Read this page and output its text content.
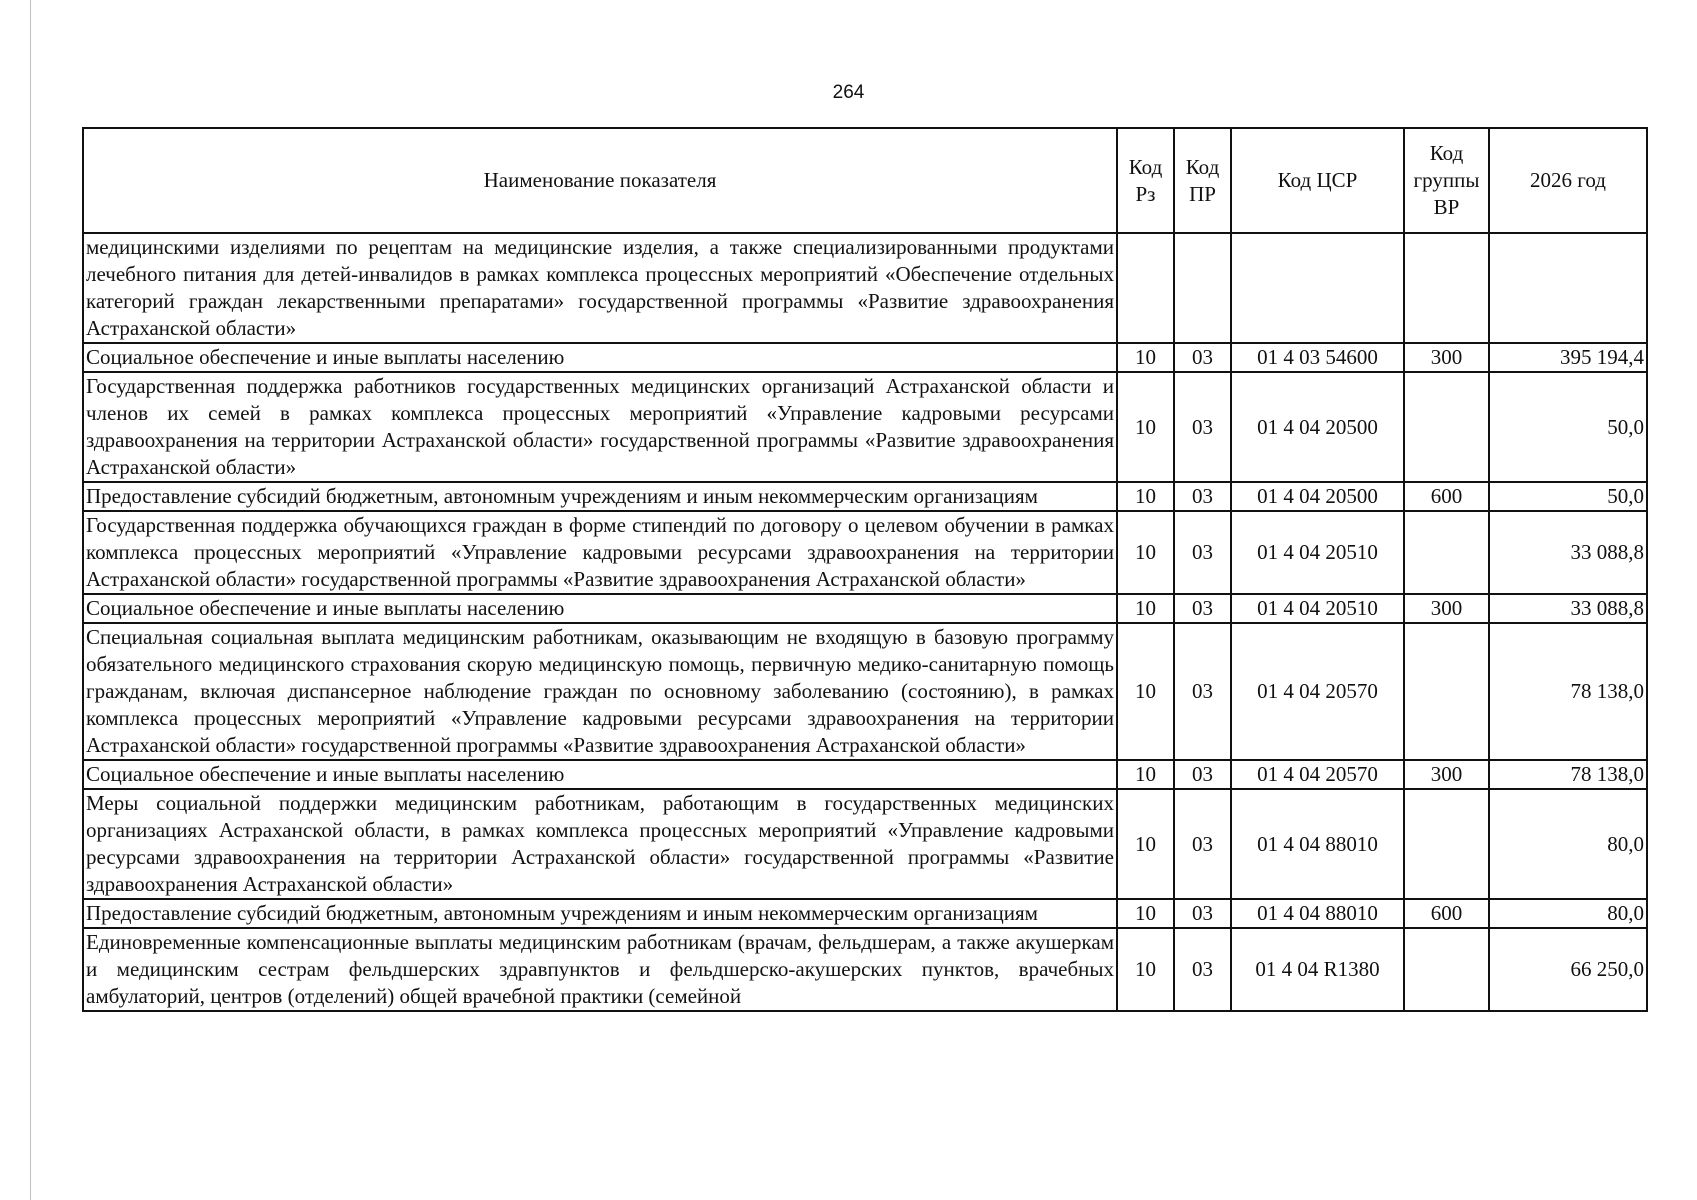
264
Наименование показателя	Код Рз	Код ПР	Код ЦСР	Код группы ВР	2026 год
медицинскими изделиями по рецептам на медицинские изделия, а также специализированными продуктами лечебного питания для детей-инвалидов в рамках комплекса процессных мероприятий «Обеспечение отдельных категорий граждан лекарственными препаратами» государственной программы «Развитие здравоохранения Астраханской области»					
Социальное обеспечение и иные выплаты населению	10	03	01 4 03 54600	300	395 194,4
Государственная поддержка работников государственных медицинских организаций Астраханской области и членов их семей в рамках комплекса процессных мероприятий «Управление кадровыми ресурсами здравоохранения на территории Астраханской области» государственной программы «Развитие здравоохранения Астраханской области»	10	03	01 4 04 20500		50,0
Предоставление субсидий бюджетным, автономным учреждениям и иным некоммерческим организациям	10	03	01 4 04 20500	600	50,0
Государственная поддержка обучающихся граждан в форме стипендий по договору о целевом обучении в рамках комплекса процессных мероприятий «Управление кадровыми ресурсами здравоохранения на территории Астраханской области» государственной программы «Развитие здравоохранения Астраханской области»	10	03	01 4 04 20510		33 088,8
Социальное обеспечение и иные выплаты населению	10	03	01 4 04 20510	300	33 088,8
Специальная социальная выплата медицинским работникам, оказывающим не входящую в базовую программу обязательного медицинского страхования скорую медицинскую помощь, первичную медико-санитарную помощь гражданам, включая диспансерное наблюдение граждан по основному заболеванию (состоянию), в рамках комплекса процессных мероприятий «Управление кадровыми ресурсами здравоохранения на территории Астраханской области» государственной программы «Развитие здравоохранения Астраханской области»	10	03	01 4 04 20570		78 138,0
Социальное обеспечение и иные выплаты населению	10	03	01 4 04 20570	300	78 138,0
Меры социальной поддержки медицинским работникам, работающим в государственных медицинских организациях Астраханской области, в рамках комплекса процессных мероприятий «Управление кадровыми ресурсами здравоохранения на территории Астраханской области» государственной программы «Развитие здравоохранения Астраханской области»	10	03	01 4 04 88010		80,0
Предоставление субсидий бюджетным, автономным учреждениям и иным некоммерческим организациям	10	03	01 4 04 88010	600	80,0
Единовременные компенсационные выплаты медицинским работникам (врачам, фельдшерам, а также акушеркам и медицинским сестрам фельдшерских здравпунктов и фельдшерско-акушерских пунктов, врачебных амбулаторий, центров (отделений) общей врачебной практики (семейной	10	03	01 4 04 R1380		66 250,0
